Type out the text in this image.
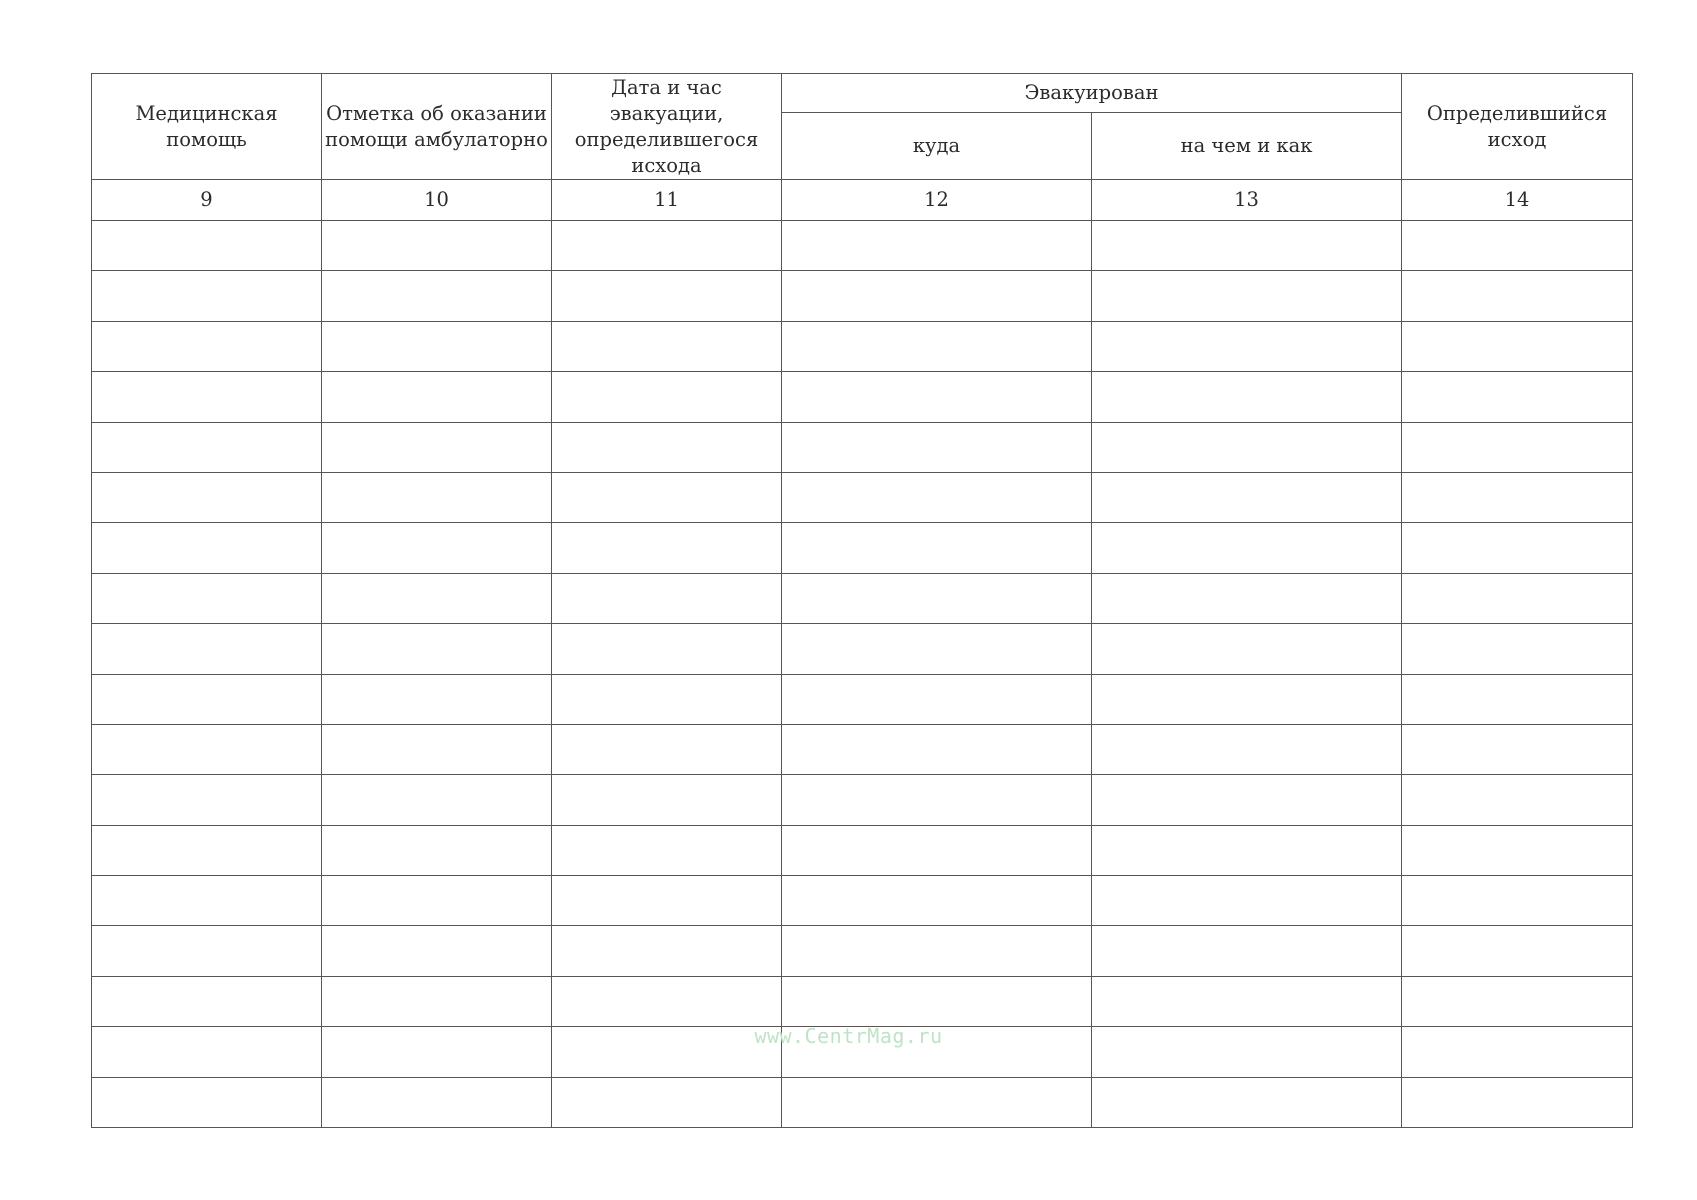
Медицинская помощь	Отметка об оказании помощи амбулаторно	Дата и час эвакуации, определившегося исхода	Эвакуирован		Определившийся исход
			куда	на чем и как	
9	10	11	12	13	14

www.CentrMag.ru
